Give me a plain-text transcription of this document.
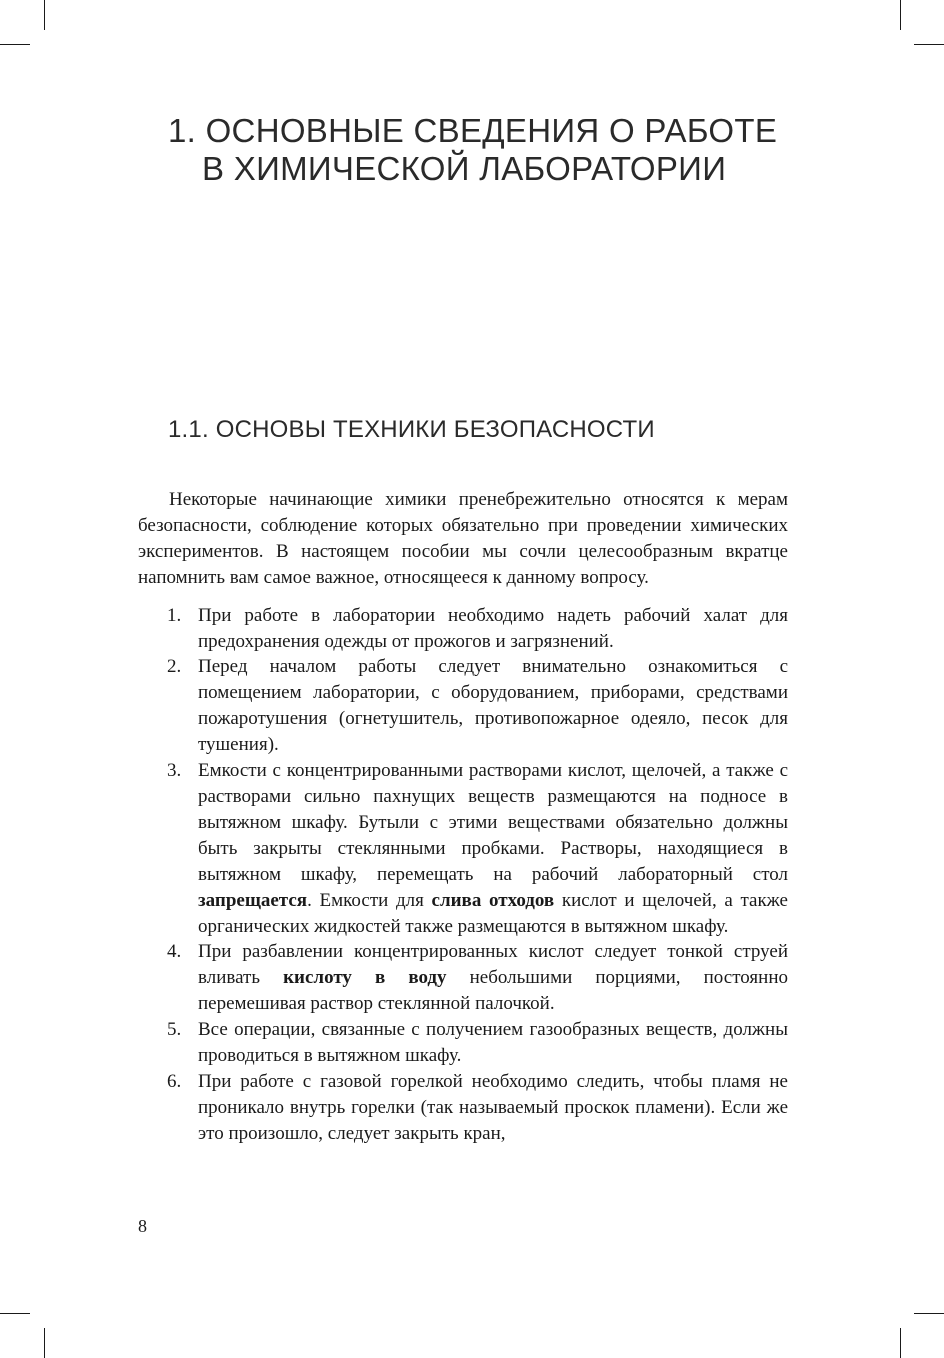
1. ОСНОВНЫЕ СВЕДЕНИЯ О РАБОТЕ
В ХИМИЧЕСКОЙ ЛАБОРАТОРИИ
1.1. ОСНОВЫ ТЕХНИКИ БЕЗОПАСНОСТИ

Некоторые начинающие химики пренебрежительно относятся к мерам безопасности, соблюдение которых обязательно при проведении химических экспериментов. В настоящем пособии мы сочли целесообразным вкратце напомнить вам самое важное, относящееся к данному вопросу.

1. При работе в лаборатории необходимо надеть рабочий халат для предохранения одежды от прожогов и загрязнений.
2. Перед началом работы следует внимательно ознакомиться с помещением лаборатории, с оборудованием, приборами, средствами пожаротушения (огнетушитель, противопожарное одеяло, песок для тушения).
3. Емкости с концентрированными растворами кислот, щелочей, а также с растворами сильно пахнущих веществ размещаются на подносе в вытяжном шкафу. Бутыли с этими веществами обязательно должны быть закрыты стеклянными пробками. Растворы, находящиеся в вытяжном шкафу, перемещать на рабочий лабораторный стол запрещается. Емкости для слива отходов кислот и щелочей, а также органических жидкостей также размещаются в вытяжном шкафу.
4. При разбавлении концентрированных кислот следует тонкой струей вливать кислоту в воду небольшими порциями, постоянно перемешивая раствор стеклянной палочкой.
5. Все операции, связанные с получением газообразных веществ, должны проводиться в вытяжном шкафу.
6. При работе с газовой горелкой необходимо следить, чтобы пламя не проникало внутрь горелки (так называемый проскок пламени). Если же это произошло, следует закрыть кран,
8
